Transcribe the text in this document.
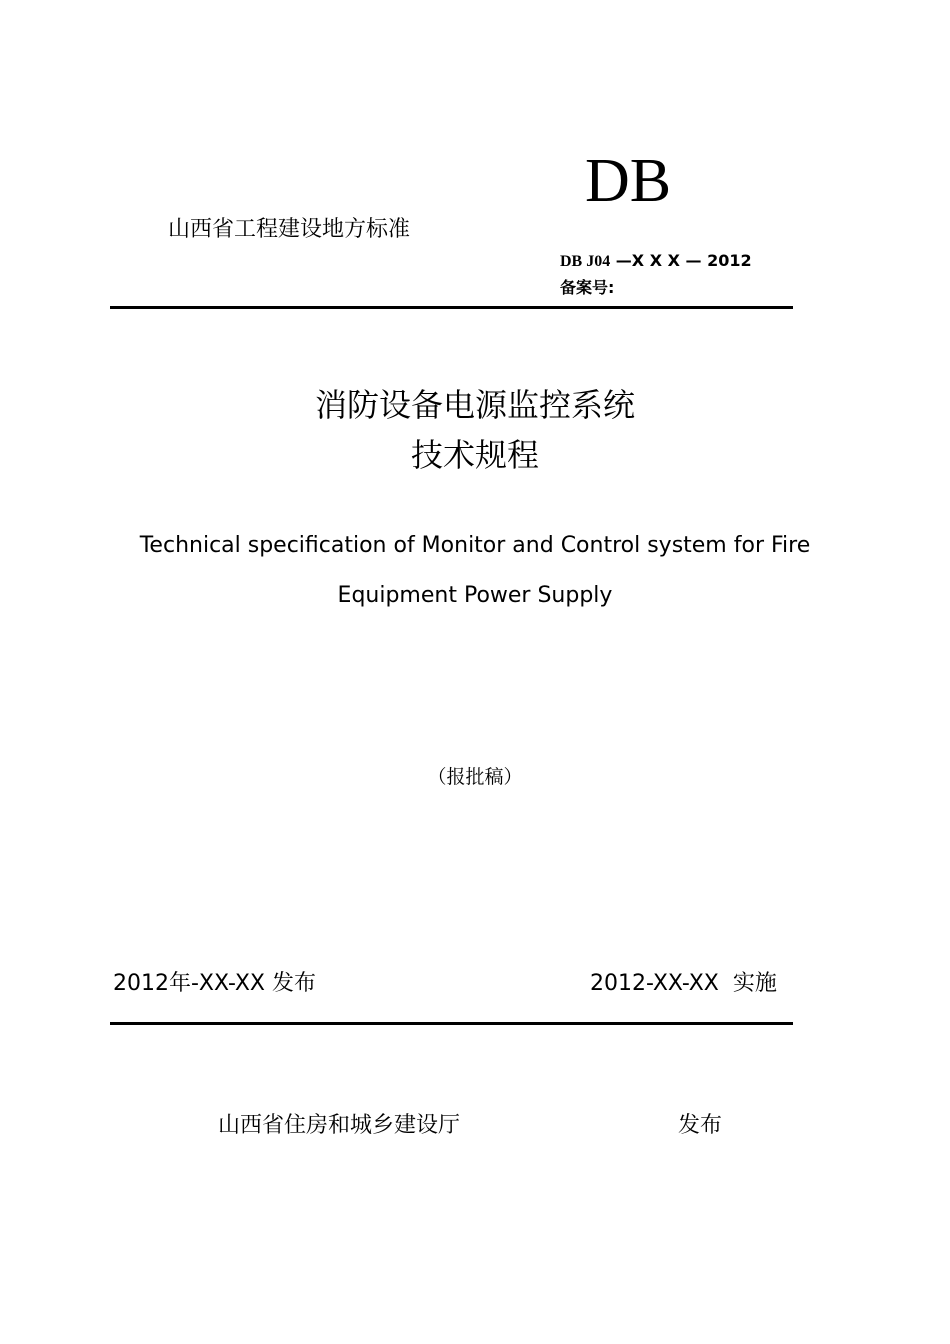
山西省工程建设地方标准
DB
DB J04 —X X X — 2012
备案号:
消防设备电源监控系统
技术规程
Technical specification of Monitor and Control system for Fire
Equipment Power Supply
（报批稿）
2012年-XX-XX 发布	2012-XX-XX  实施
山西省住房和城乡建设厅	发布
